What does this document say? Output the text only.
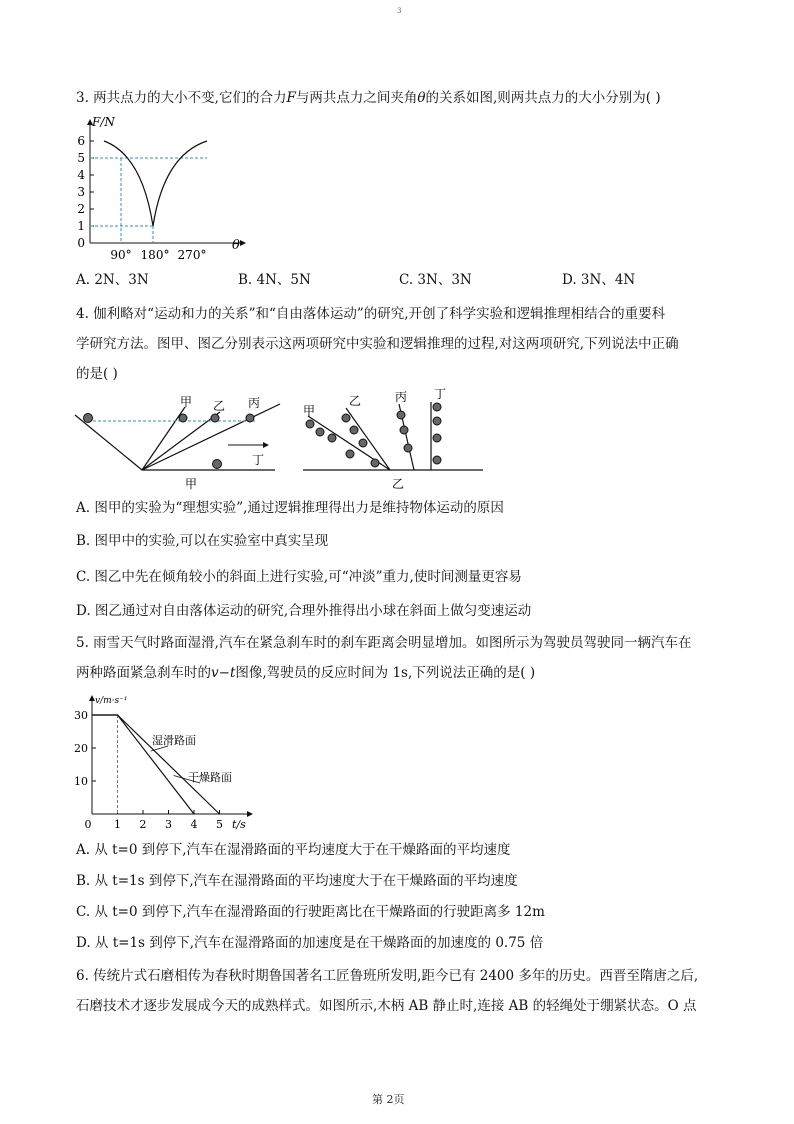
3
3. 两共点力的大小不变,它们的合力F与两共点力之间夹角θ的关系如图,则两共点力的大小分别为( )
F/N
6
5
4
3
2
1
0
90° 180° 270°
θ
A. 2N、3N	B. 4N、5N	C. 3N、3N	D. 3N、4N
4. 伽利略对“运动和力的关系”和“自由落体运动”的研究,开创了科学实验和逻辑推理相结合的重要科
学研究方法。图甲、图乙分别表示这两项研究中实验和逻辑推理的过程,对这两项研究,下列说法中正确
的是( )
甲 乙 丙
丁
甲
甲
乙	丙 丁
乙
A. 图甲的实验为“理想实验”,通过逻辑推理得出力是维持物体运动的原因
B. 图甲中的实验,可以在实验室中真实呈现
C. 图乙中先在倾角较小的斜面上进行实验,可“冲淡”重力,使时间测量更容易
D. 图乙通过对自由落体运动的研究,合理外推得出小球在斜面上做匀变速运动
5. 雨雪天气时路面湿滑,汽车在紧急刹车时的刹车距离会明显增加。如图所示为驾驶员驾驶同一辆汽车在
两种路面紧急刹车时的v−t图像,驾驶员的反应时间为 1s,下列说法正确的是( )
v/m·s⁻¹
30
20
10
0 1 2 3 4 5 t/s
湿滑路面
干燥路面
A. 从 t=0 到停下,汽车在湿滑路面的平均速度大于在干燥路面的平均速度
B. 从 t=1s 到停下,汽车在湿滑路面的平均速度大于在干燥路面的平均速度
C. 从 t=0 到停下,汽车在湿滑路面的行驶距离比在干燥路面的行驶距离多 12m
D. 从 t=1s 到停下,汽车在湿滑路面的加速度是在干燥路面的加速度的 0.75 倍
6. 传统片式石磨相传为春秋时期鲁国著名工匠鲁班所发明,距今已有 2400 多年的历史。西晋至隋唐之后,
石磨技术才逐步发展成今天的成熟样式。如图所示,木柄 AB 静止时,连接 AB 的轻绳处于绷紧状态。O 点
第 2页
